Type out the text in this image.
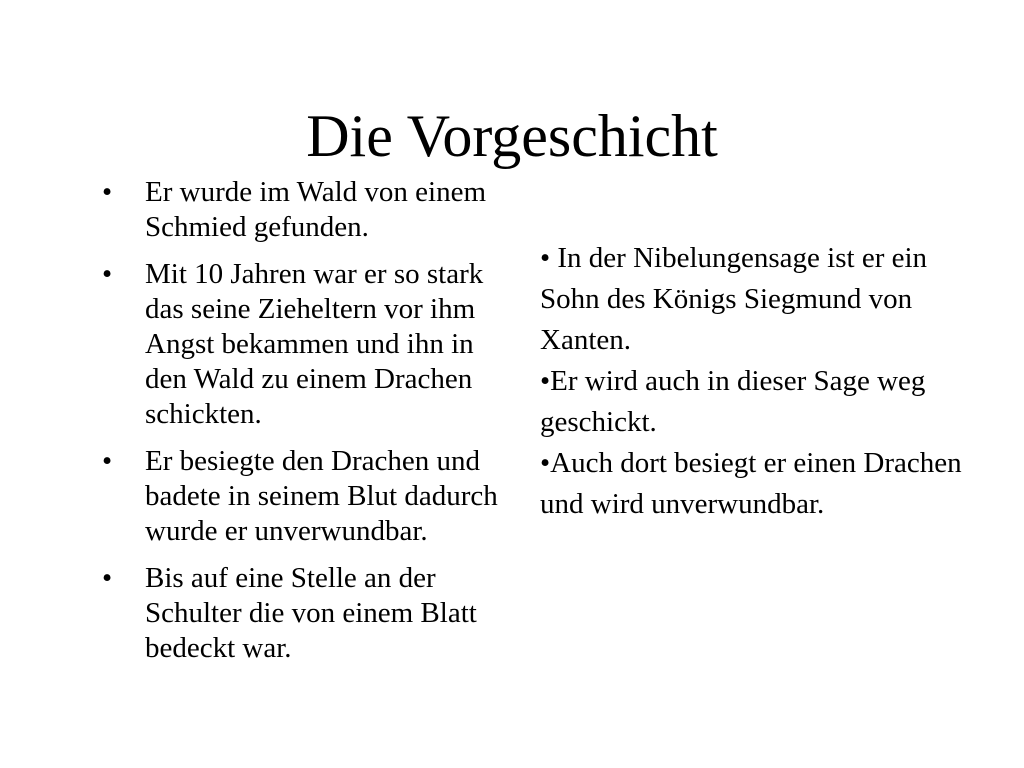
Die Vorgeschicht
• Er wurde im Wald von einem Schmied gefunden.
• Mit 10 Jahren war er so stark das seine Zieheltern vor ihm Angst bekammen und ihn in den Wald zu einem Drachen schickten.
• Er besiegte den Drachen und badete in seinem Blut dadurch wurde er unverwundbar.
• Bis auf eine Stelle an der Schulter die von einem Blatt bedeckt war.

• In der Nibelungensage ist er ein Sohn des Königs Siegmund von Xanten.

•Er wird auch in dieser Sage weg geschickt.

•Auch dort besiegt er einen Drachen und wird unverwundbar.
